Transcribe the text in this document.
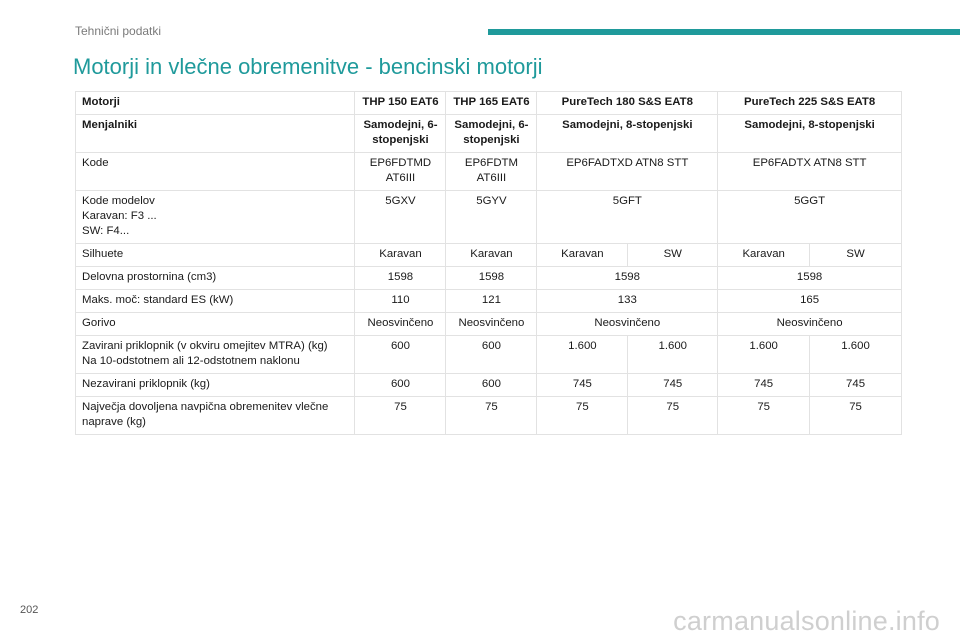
Tehnični podatki
Motorji in vlečne obremenitve - bencinski motorji
Motorji	THP 150 EAT6	THP 165 EAT6	PureTech 180 S&S EAT8		PureTech 225 S&S EAT8	
Menjalniki	Samodejni, 6-stopenjski	Samodejni, 6-stopenjski	Samodejni, 8-stopenjski		Samodejni, 8-stopenjski	
Kode	EP6FDTMD AT6III	EP6FDTM AT6III	EP6FADTXD ATN8 STT		EP6FADTX ATN8 STT	

Kode modelov
Karavan: F3 ...
SW: F4...	5GXV	5GYV	5GFT		5GGT	
Silhuete	Karavan	Karavan	Karavan	SW	Karavan	SW
Delovna prostornina (cm3)	1598	1598	1598		1598	
Maks. moč: standard ES (kW)	110	121	133		165	
Gorivo	Neosvinčeno	Neosvinčeno	Neosvinčeno		Neosvinčeno	

Zavirani priklopnik (v okviru omejitev MTRA) (kg)
Na 10-odstotnem ali 12-odstotnem naklonu	600	600	1.600	1.600	1.600	1.600
Nezavirani priklopnik (kg)	600	600	745	745	745	745
Največja dovoljena navpična obremenitev vlečne naprave (kg)	75	75	75	75	75	75
202	carmanualsonline.info
